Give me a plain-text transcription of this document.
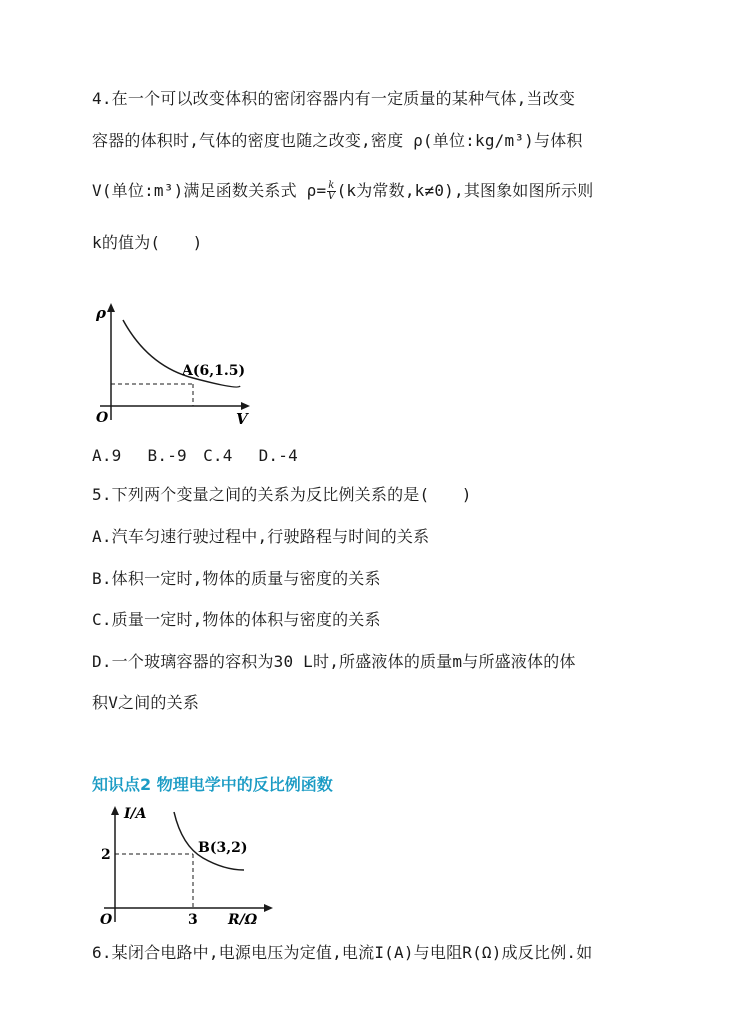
4.在一个可以改变体积的密闭容器内有一定质量的某种气体,当改变
容器的体积时,气体的密度也随之改变,密度 ρ(单位:kg/m³)与体积
V(单位:m³)满足函数关系式 $\rho= \frac{k}{V} (k$为常数,k≠0),其图象如图所示则
k的值为(　　)
ρ
V
O
A(6,1.5)
A.9　 B.-9　C.4　 D.-4
5.下列两个变量之间的关系为反比例关系的是(　　)
A.汽车匀速行驶过程中,行驶路程与时间的关系
B.体积一定时,物体的质量与密度的关系
C.质量一定时,物体的体积与密度的关系
D.一个玻璃容器的容积为30 L时,所盛液体的质量m与所盛液体的体
积V之间的关系
知识点2 物理电学中的反比例函数
I/A
R/Ω
O
2
3
B(3,2)
6.某闭合电路中,电源电压为定值,电流I(A)与电阻R(Ω)成反比例.如
